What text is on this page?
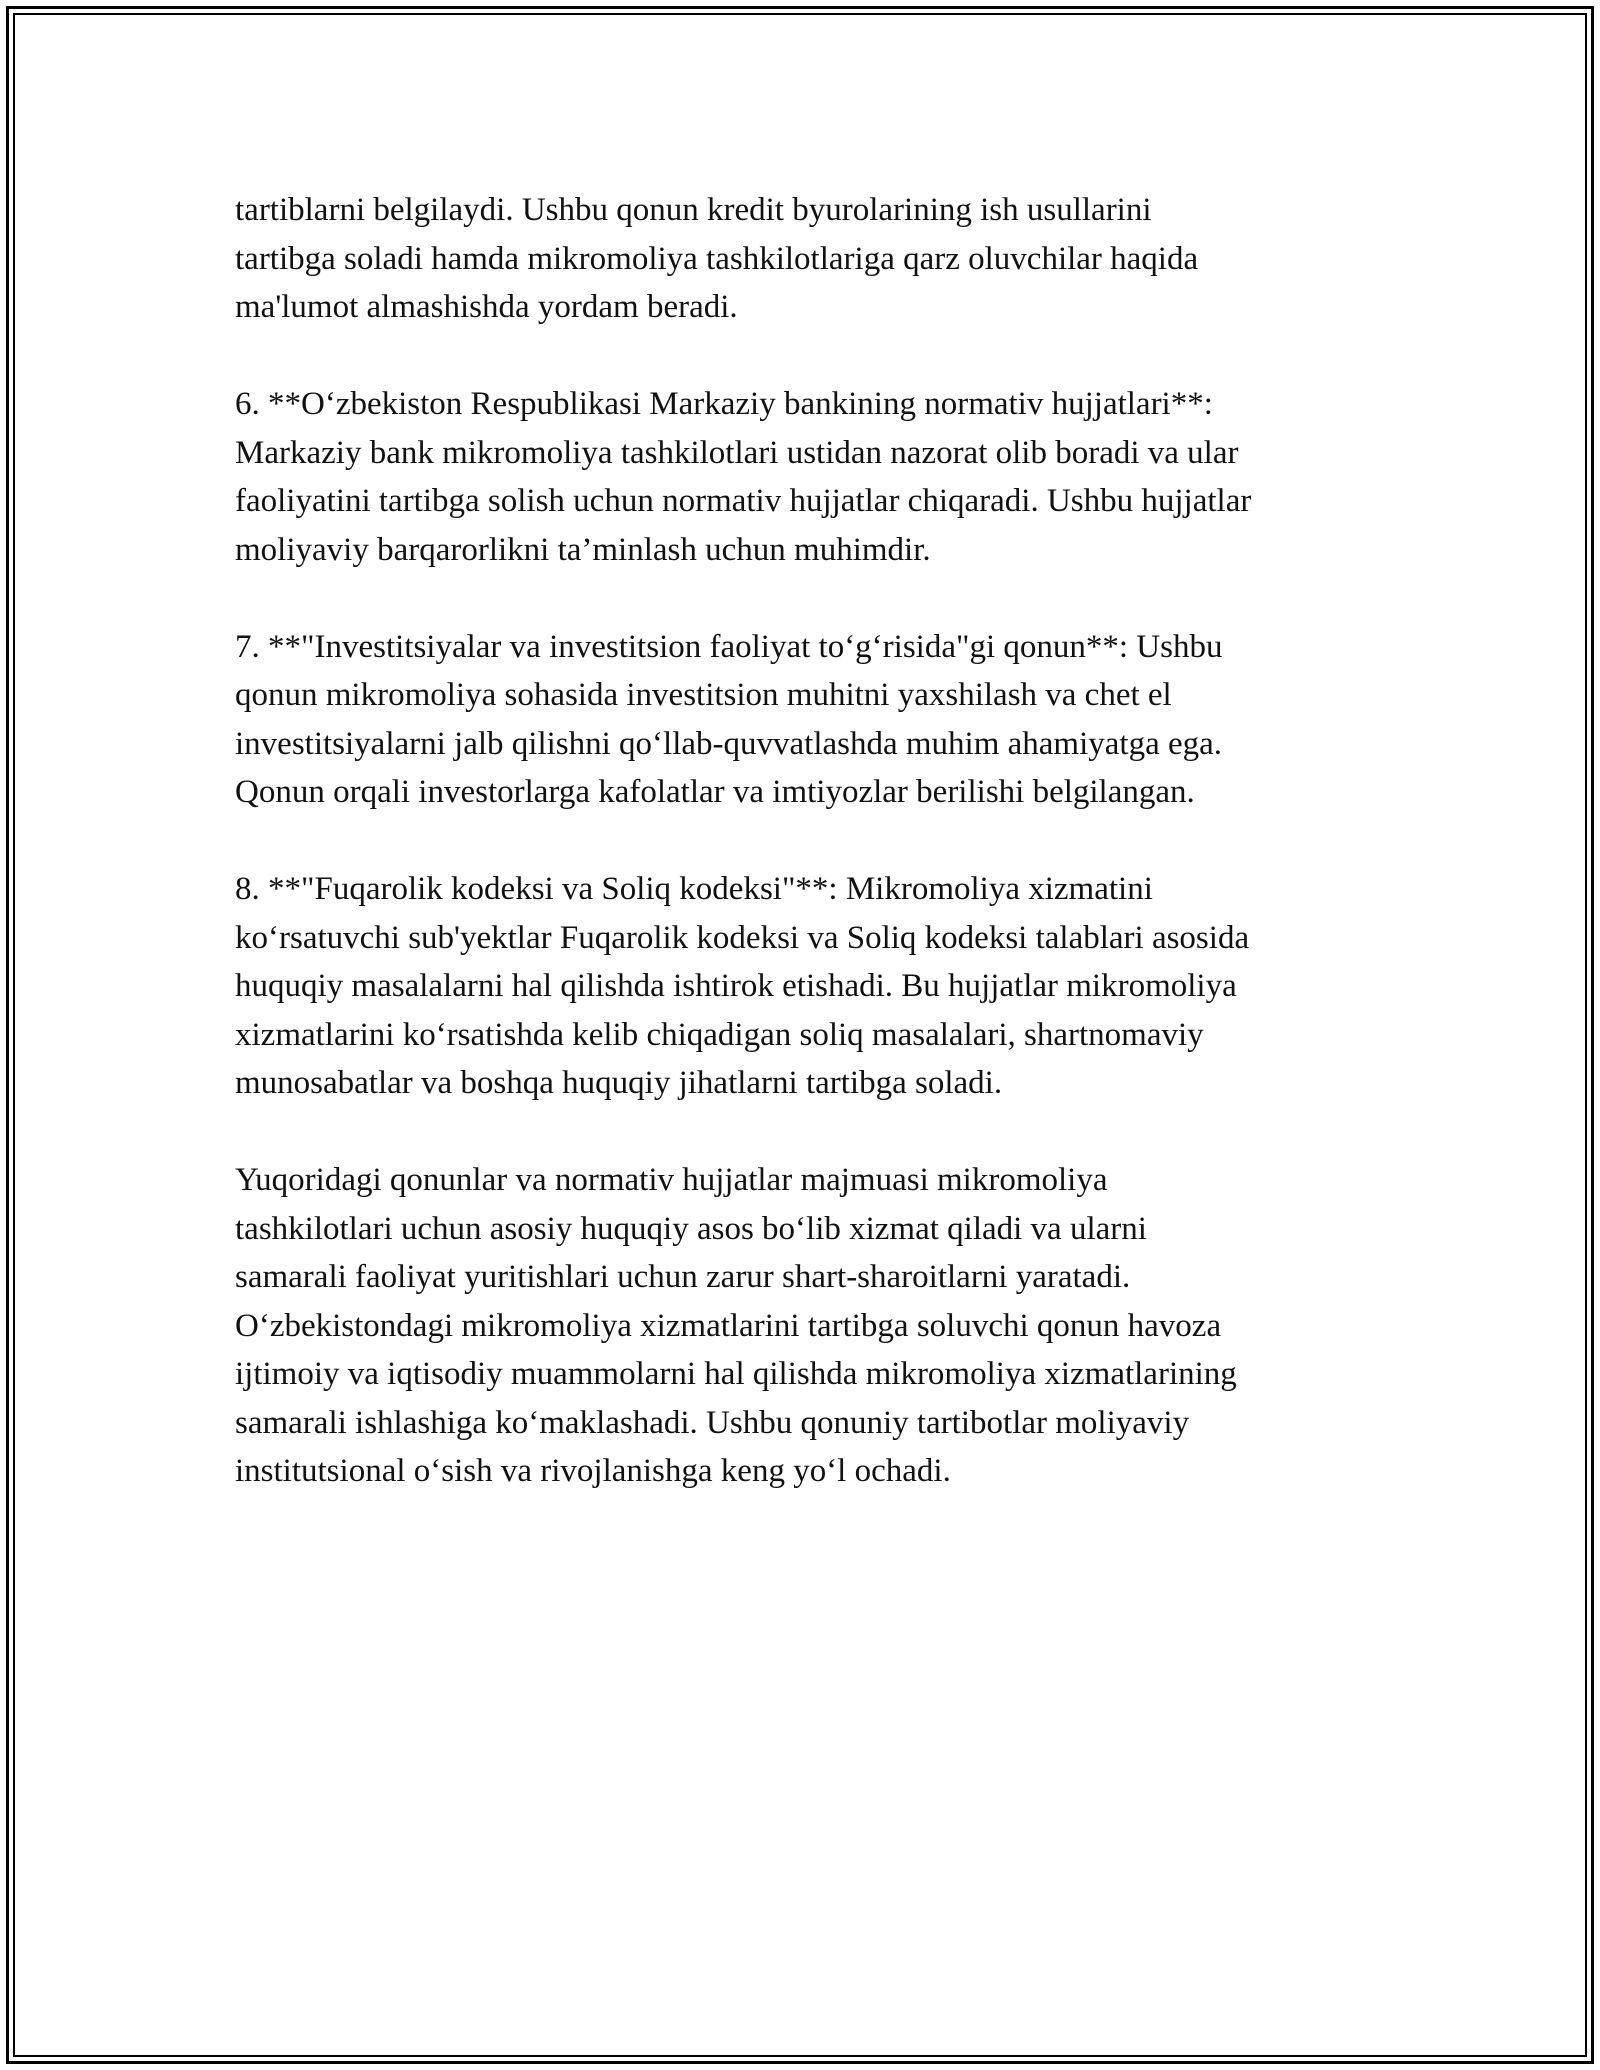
tartiblarni belgilaydi. Ushbu qonun kredit byurolarining ish usullarini
tartibga soladi hamda mikromoliya tashkilotlariga qarz oluvchilar haqida
ma'lumot almashishda yordam beradi.

6. **O‘zbekiston Respublikasi Markaziy bankining normativ hujjatlari**:
Markaziy bank mikromoliya tashkilotlari ustidan nazorat olib boradi va ular
faoliyatini tartibga solish uchun normativ hujjatlar chiqaradi. Ushbu hujjatlar
moliyaviy barqarorlikni ta’minlash uchun muhimdir.

7. **"Investitsiyalar va investitsion faoliyat to‘g‘risida"gi qonun**: Ushbu
qonun mikromoliya sohasida investitsion muhitni yaxshilash va chet el
investitsiyalarni jalb qilishni qo‘llab-quvvatlashda muhim ahamiyatga ega.
Qonun orqali investorlarga kafolatlar va imtiyozlar berilishi belgilangan.

8. **"Fuqarolik kodeksi va Soliq kodeksi"**: Mikromoliya xizmatini
ko‘rsatuvchi sub'yektlar Fuqarolik kodeksi va Soliq kodeksi talablari asosida
huquqiy masalalarni hal qilishda ishtirok etishadi. Bu hujjatlar mikromoliya
xizmatlarini ko‘rsatishda kelib chiqadigan soliq masalalari, shartnomaviy
munosabatlar va boshqa huquqiy jihatlarni tartibga soladi.

Yuqoridagi qonunlar va normativ hujjatlar majmuasi mikromoliya
tashkilotlari uchun asosiy huquqiy asos bo‘lib xizmat qiladi va ularni
samarali faoliyat yuritishlari uchun zarur shart-sharoitlarni yaratadi.
O‘zbekistondagi mikromoliya xizmatlarini tartibga soluvchi qonun havoza
ijtimoiy va iqtisodiy muammolarni hal qilishda mikromoliya xizmatlarining
samarali ishlashiga ko‘maklashadi. Ushbu qonuniy tartibotlar moliyaviy
institutsional o‘sish va rivojlanishga keng yo‘l ochadi.
